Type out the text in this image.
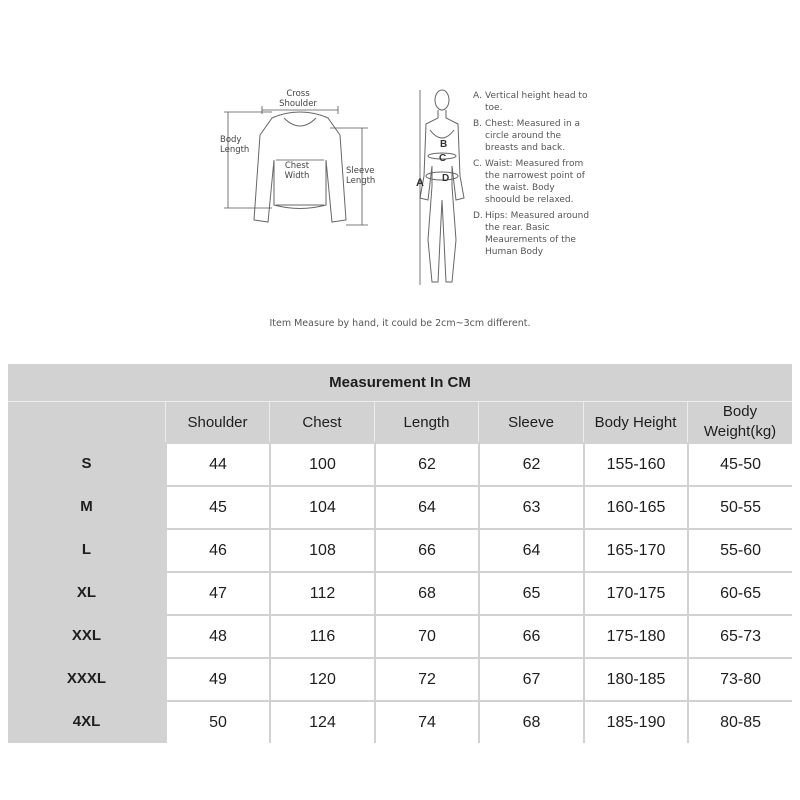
Cross
Shoulder
Body
Length
Chest
Width	Sleeve
Length	A
B
C
D
A. Vertical height head to toe.
B. Chest: Measured in a circle around the breasts and back.
C. Waist: Measured from the narrowest point of the waist. Body shoould be relaxed.
D. Hips: Measured around the rear. Basic Meaurements of the Human Body
Item Measure by hand, it could be 2cm~3cm different.
Measurement In CM						
	Shoulder	Chest	Length	Sleeve	Body Height	Body Weight(kg)
S	44	100	62	62	155-160	45-50
M	45	104	64	63	160-165	50-55
L	46	108	66	64	165-170	55-60
XL	47	112	68	65	170-175	60-65
XXL	48	116	70	66	175-180	65-73
XXXL	49	120	72	67	180-185	73-80
4XL	50	124	74	68	185-190	80-85
